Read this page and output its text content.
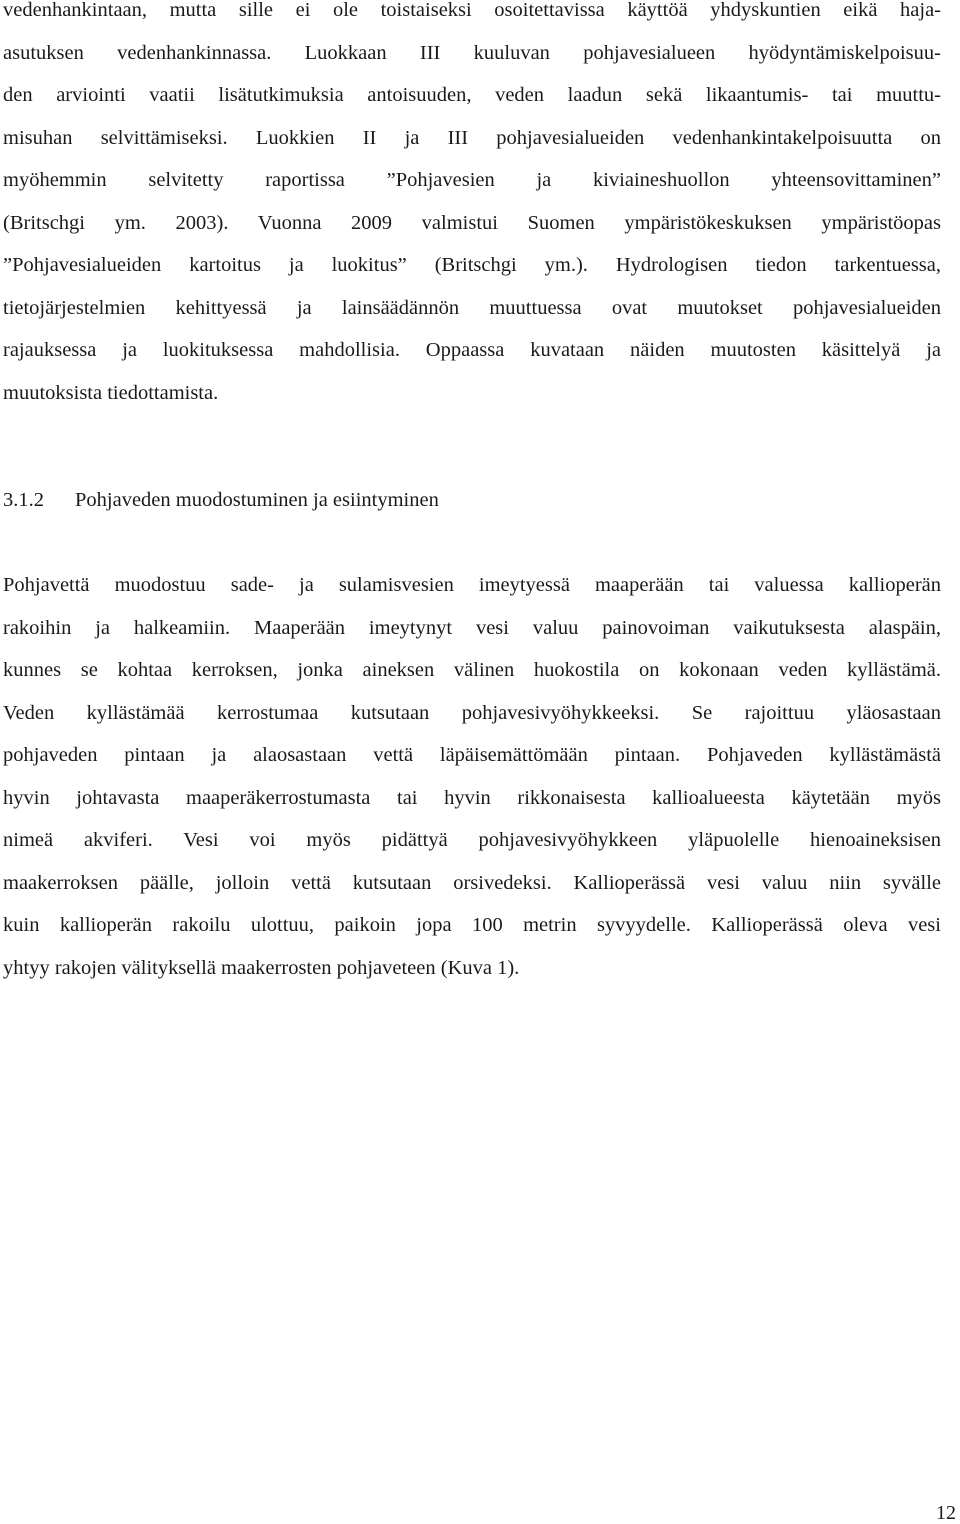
vedenhankintaan, mutta sille ei ole toistaiseksi osoitettavissa käyttöä yhdyskuntien eikä haja-
asutuksen vedenhankinnassa. Luokkaan III kuuluvan pohjavesialueen hyödyntämiskelpoisuu-
den arviointi vaatii lisätutkimuksia antoisuuden, veden laadun sekä likaantumis- tai muuttu-
misuhan selvittämiseksi. Luokkien II ja III pohjavesialueiden vedenhankintakelpoisuutta on
myöhemmin selvitetty raportissa ”Pohjavesien ja kiviaineshuollon yhteensovittaminen”
(Britschgi ym. 2003). Vuonna 2009 valmistui Suomen ympäristökeskuksen ympäristöopas
”Pohjavesialueiden kartoitus ja luokitus” (Britschgi ym.). Hydrologisen tiedon tarkentuessa,
tietojärjestelmien kehittyessä ja lainsäädännön muuttuessa ovat muutokset pohjavesialueiden
rajauksessa ja luokituksessa mahdollisia. Oppaassa kuvataan näiden muutosten käsittelyä ja
muutoksista tiedottamista.
3.1.2 Pohjaveden muodostuminen ja esiintyminen
Pohjavettä muodostuu sade- ja sulamisvesien imeytyessä maaperään tai valuessa kallioperän
rakoihin ja halkeamiin. Maaperään imeytynyt vesi valuu painovoiman vaikutuksesta alaspäin,
kunnes se kohtaa kerroksen, jonka aineksen välinen huokostila on kokonaan veden kyllästämä.
Veden kyllästämää kerrostumaa kutsutaan pohjavesivyöhykkeeksi. Se rajoittuu yläosastaan
pohjaveden pintaan ja alaosastaan vettä läpäisemättömään pintaan. Pohjaveden kyllästämästä
hyvin johtavasta maaperäkerrostumasta tai hyvin rikkonaisesta kallioalueesta käytetään myös
nimeä akviferi. Vesi voi myös pidättyä pohjavesivyöhykkeen yläpuolelle hienoaineksisen
maakerroksen päälle, jolloin vettä kutsutaan orsivedeksi. Kallioperässä vesi valuu niin syvälle
kuin kallioperän rakoilu ulottuu, paikoin jopa 100 metrin syvyydelle. Kallioperässä oleva vesi
yhtyy rakojen välityksellä maakerrosten pohjaveteen (Kuva 1).
12
